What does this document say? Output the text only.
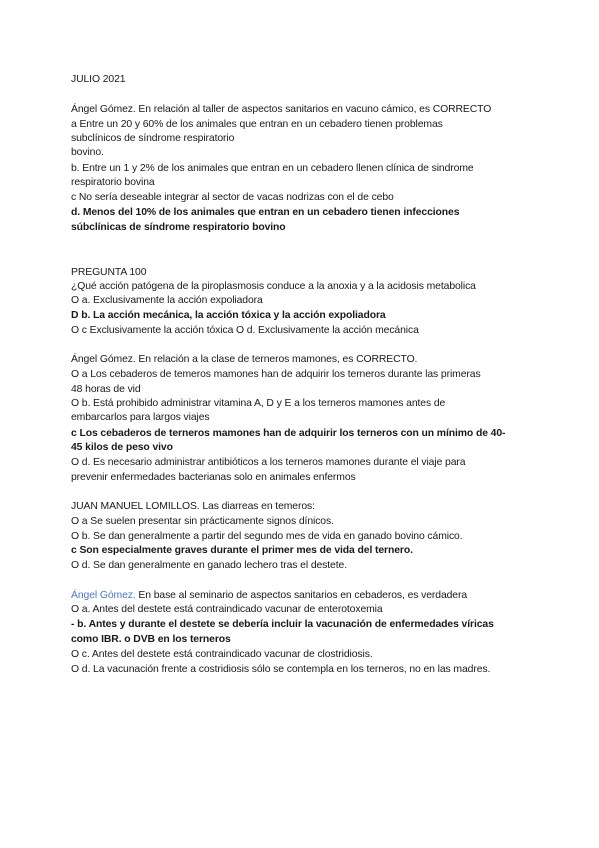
JULIO 2021
Ángel Gómez. En relación al taller de aspectos sanitarios en vacuno cámico, es CORRECTO
a Entre un 20 y 60% de los animales que entran en un cebadero tienen problemas
subclínicos de síndrome respiratorio
bovino.
b. Entre un 1 y 2% de los animales que entran en un cebadero llenen clínica de sindrome
respiratorio bovina
c No sería deseable integrar al sector de vacas nodrizas con el de cebo
d. Menos del 10% de los animales que entran en un cebadero tienen infecciones
súbclínicas de síndrome respiratorio bovino
PREGUNTA 100
¿Qué acción patógena de la piroplasmosis conduce a la anoxia y a la acidosis metabolica
O a. Exclusivamente la acción expoliadora
D b. La acción mecánica, la acción tóxica y la acción expoliadora
O c Exclusivamente la acción tóxica O d. Exclusivamente la acción mecánica
Ángel Gómez. En relación a la clase de terneros mamones, es CORRECTO.
O a Los cebaderos de temeros mamones han de adquirir los terneros durante las primeras
48 horas de vid
O b. Está prohibido administrar vitamina A, D y E a los terneros mamones antes de
embarcarlos para largos viajes
c Los cebaderos de terneros mamones han de adquirir los terneros con un mínimo de 40-
45 kilos de peso vivo
O d. Es necesario administrar antibióticos a los terneros mamones durante el viaje para
prevenir enfermedades bacterianas solo en animales enfermos
JUAN MANUEL LOMILLOS. Las diarreas en temeros:
O a Se suelen presentar sin prácticamente signos dínicos.
O b. Se dan generalmente a partir del segundo mes de vida en ganado bovino cámico.
c Son especialmente graves durante el primer mes de vida del ternero.
O d. Se dan generalmente en ganado lechero tras el destete.
Ángel Gómez. En base al seminario de aspectos sanitarios en cebaderos, es verdadera
O a. Antes del destete está contraindicado vacunar de enterotoxemia
- b. Antes y durante el destete se debería incluir la vacunación de enfermedades víricas
como IBR. o DVB en los terneros
O c. Antes del destete está contraindicado vacunar de clostridiosis.
O d. La vacunación frente a costridiosis sólo se contempla en los terneros, no en las madres.
